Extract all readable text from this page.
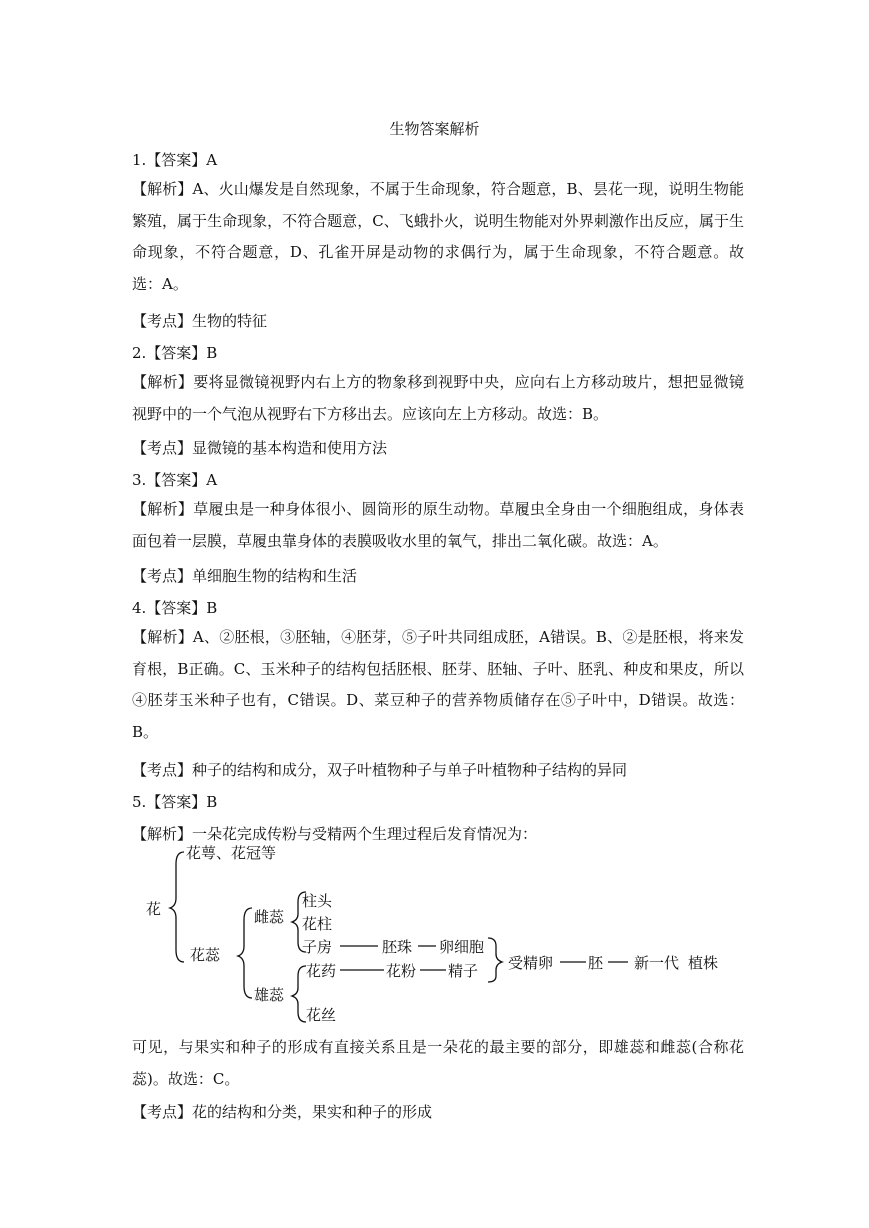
生物答案解析
1.【答案】A
【解析】A、火山爆发是自然现象，不属于生命现象，符合题意，B、昙花一现，说明生物能繁殖，属于生命现象，不符合题意，C、飞蛾扑火，说明生物能对外界刺激作出反应，属于生命现象，不符合题意，D、孔雀开屏是动物的求偶行为，属于生命现象，不符合题意。故选：A。
【考点】生物的特征
2.【答案】B
【解析】要将显微镜视野内右上方的物象移到视野中央，应向右上方移动玻片，想把显微镜视野中的一个气泡从视野右下方移出去。应该向左上方移动。故选：B。
【考点】显微镜的基本构造和使用方法
3.【答案】A
【解析】草履虫是一种身体很小、圆筒形的原生动物。草履虫全身由一个细胞组成，身体表面包着一层膜，草履虫靠身体的表膜吸收水里的氧气，排出二氧化碳。故选：A。
【考点】单细胞生物的结构和生活
4.【答案】B
【解析】A、②胚根，③胚轴，④胚芽，⑤子叶共同组成胚，A错误。B、②是胚根，将来发育根，B正确。C、玉米种子的结构包括胚根、胚芽、胚轴、子叶、胚乳、种皮和果皮，所以④胚芽玉米种子也有，C错误。D、菜豆种子的营养物质储存在⑤子叶中，D错误。故选：B。
【考点】种子的结构和成分，双子叶植物种子与单子叶植物种子结构的异同
5.【答案】B
【解析】一朵花完成传粉与受精两个生理过程后发育情况为：
花
花萼、花冠等
花蕊
雌蕊
雄蕊
柱头
花柱
子房	胚珠 卵细胞
花药	花粉 精子
花丝
受精卵 胚 新一代 植株
可见，与果实和种子的形成有直接关系且是一朵花的最主要的部分，即雄蕊和雌蕊(合称花蕊)。故选：C。
【考点】花的结构和分类，果实和种子的形成
